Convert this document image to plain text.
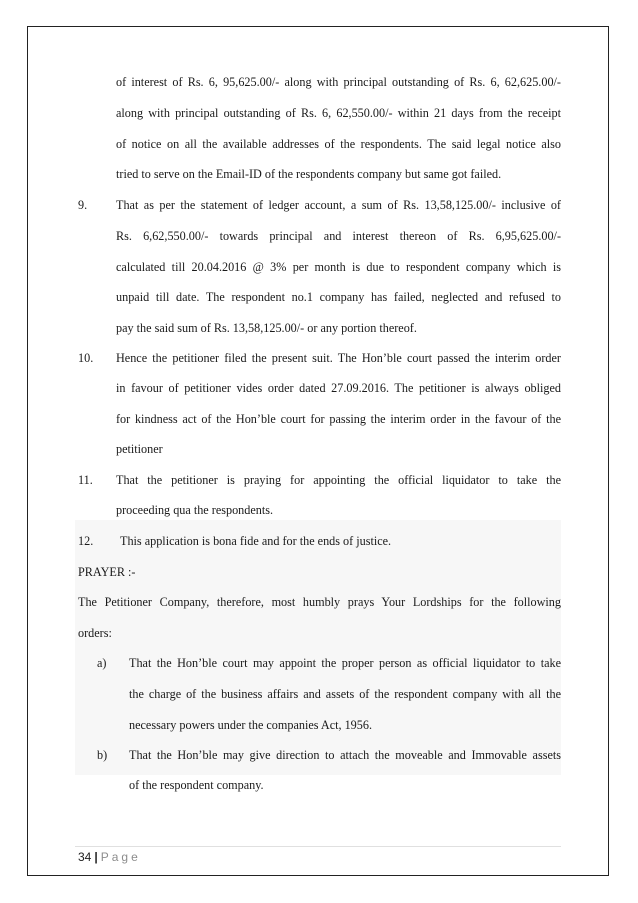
of interest of Rs. 6, 95,625.00/- along with principal outstanding of Rs. 6, 62,625.00/-
along with principal outstanding of Rs. 6, 62,550.00/- within 21 days from the receipt
of notice on all the available addresses of the respondents. The said legal notice also
tried to serve on the Email-ID of the respondents company but same got failed.
9. That as per the statement of ledger account, a sum of Rs. 13,58,125.00/- inclusive of
Rs. 6,62,550.00/- towards principal and interest thereon of Rs. 6,95,625.00/-
calculated till 20.04.2016 @ 3% per month is due to respondent company which is
unpaid till date. The respondent no.1 company has failed, neglected and refused to
pay the said sum of Rs. 13,58,125.00/- or any portion thereof.
10. Hence the petitioner filed the present suit. The Hon’ble court passed the interim order
in favour of petitioner vides order dated 27.09.2016. The petitioner is always obliged
for kindness act of the Hon’ble court for passing the interim order in the favour of the
petitioner
11. That the petitioner is praying for appointing the official liquidator to take the
proceeding qua the respondents.
12. This application is bona fide and for the ends of justice.
PRAYER :-
The Petitioner Company, therefore, most humbly prays Your Lordships for the following
orders:
a) That the Hon’ble court may appoint the proper person as official liquidator to take
the charge of the business affairs and assets of the respondent company with all the
necessary powers under the companies Act, 1956.
b) That the Hon’ble may give direction to attach the moveable and Immovable assets
of the respondent company.
34 | Page
